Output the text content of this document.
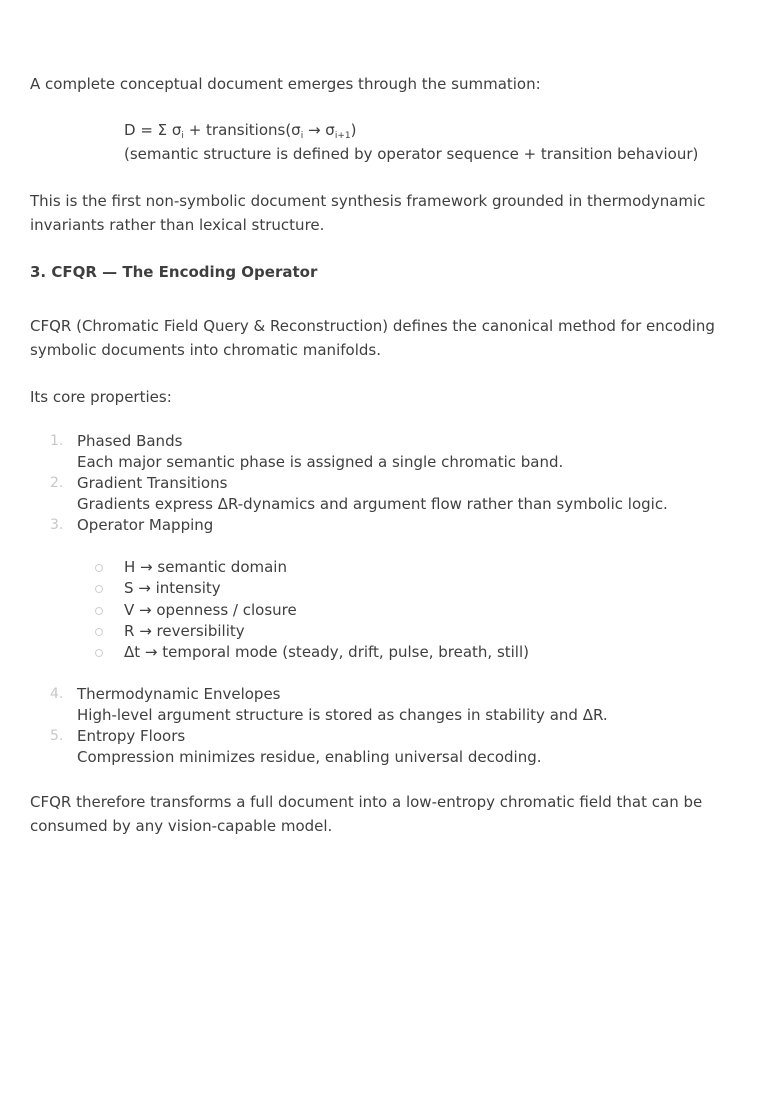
A complete conceptual document emerges through the summation:

D = Σ $\sigma_i$ + $transitions(\sigma_i \to \sigma_{i+1})$
(semantic structure is defined by operator sequence + transition behaviour)

This is the first non-symbolic document synthesis framework grounded in thermodynamic invariants rather than lexical structure.

3. CFQR — The Encoding Operator

CFQR (Chromatic Field Query & Reconstruction) defines the canonical method for encoding symbolic documents into chromatic manifolds.

Its core properties:

1. Phased Bands
Each major semantic phase is assigned a single chromatic band.
2. Gradient Transitions
Gradients express ΔR-dynamics and argument flow rather than symbolic logic.
3. Operator Mapping
H → semantic domain
S → intensity
V → openness / closure
R → reversibility
Δt → temporal mode (steady, drift, pulse, breath, still)
4. Thermodynamic Envelopes
High-level argument structure is stored as changes in stability and ΔR.
5. Entropy Floors
Compression minimizes residue, enabling universal decoding.

CFQR therefore transforms a full document into a low-entropy chromatic field that can be consumed by any vision-capable model.
